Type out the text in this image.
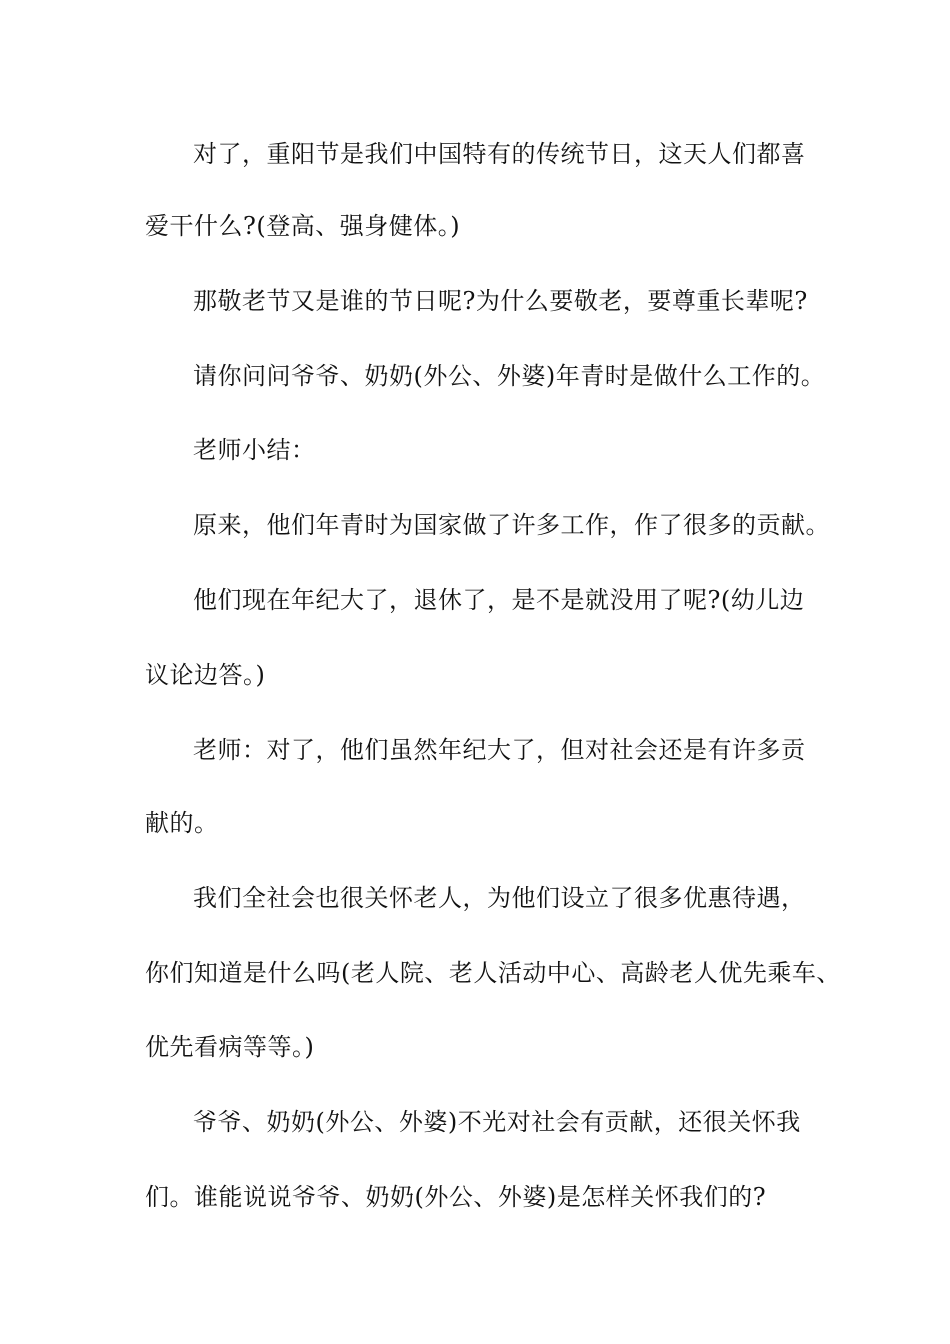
对了，重阳节是我们中国特有的传统节日，这天人们都喜
爱干什么?(登高、强身健体。)
那敬老节又是谁的节日呢?为什么要敬老，要尊重长辈呢?
请你问问爷爷、奶奶(外公、外婆)年青时是做什么工作的。
老师小结：
原来，他们年青时为国家做了许多工作，作了很多的贡献。
他们现在年纪大了，退休了，是不是就没用了呢?(幼儿边
议论边答。)
老师：对了，他们虽然年纪大了，但对社会还是有许多贡
献的。
我们全社会也很关怀老人，为他们设立了很多优惠待遇，
你们知道是什么吗(老人院、老人活动中心、高龄老人优先乘车、
优先看病等等。)
爷爷、奶奶(外公、外婆)不光对社会有贡献，还很关怀我
们。谁能说说爷爷、奶奶(外公、外婆)是怎样关怀我们的?
